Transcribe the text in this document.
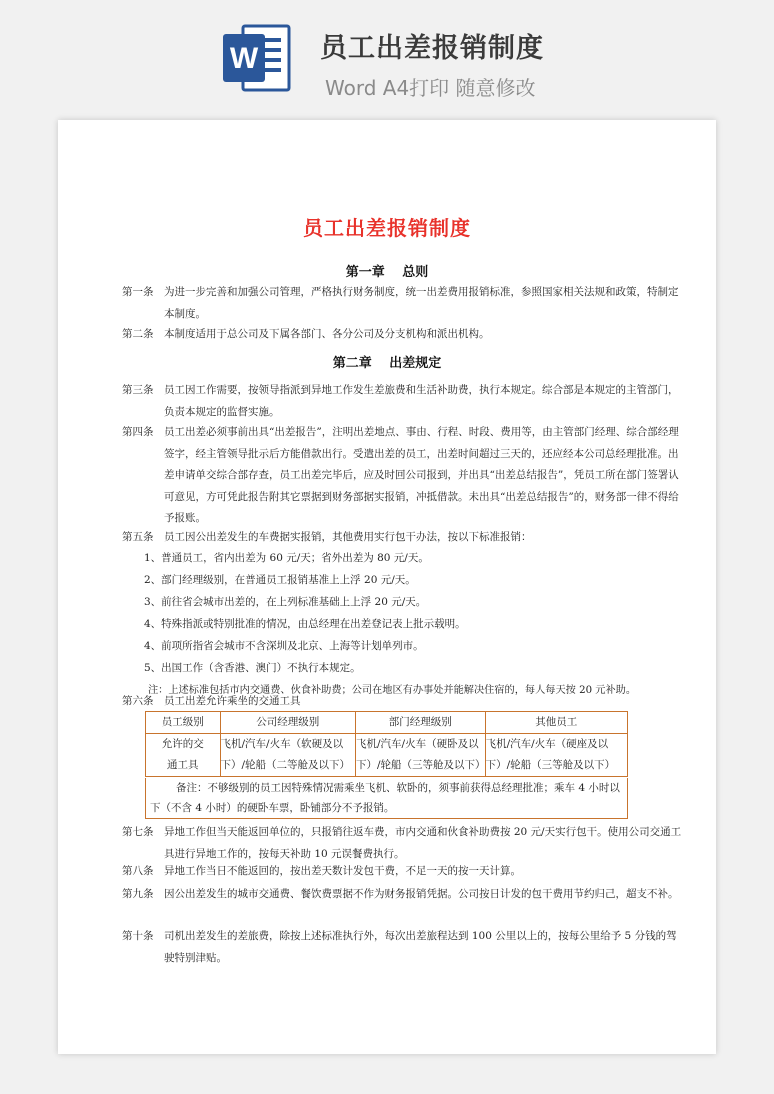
W 员工出差报销制度
Word A4打印 随意修改
员工出差报销制度
第一章　 总则
第一条 为进一步完善和加强公司管理，严格执行财务制度，统一出差费用报销标准，参照国家相关法规和政策，特制定本制度。
第二条 本制度适用于总公司及下属各部门、各分公司及分支机构和派出机构。
第二章　 出差规定
第三条 员工因工作需要，按领导指派到异地工作发生差旅费和生活补助费，执行本规定。综合部是本规定的主管部门，负责本规定的监督实施。
第四条 员工出差必须事前出具“出差报告”，注明出差地点、事由、行程、时段、费用等，由主管部门经理、综合部经理签字，经主管领导批示后方能借款出行。受遣出差的员工，出差时间超过三天的，还应经本公司总经理批准。出差申请单交综合部存查，员工出差完毕后，应及时回公司报到，并出具“出差总结报告”，凭员工所在部门签署认可意见，方可凭此报告附其它票据到财务部据实报销，冲抵借款。未出具“出差总结报告”的，财务部一律不得给予报账。
第五条 员工因公出差发生的车费据实报销，其他费用实行包干办法，按以下标准报销：
1、普通员工，省内出差为 60 元/天；省外出差为 80 元/天。
2、部门经理级别，在普通员工报销基准上上浮 20 元/天。
3、前往省会城市出差的，在上列标准基础上上浮 20 元/天。
4、特殊指派或特别批准的情况，由总经理在出差登记表上批示载明。
4、前项所指省会城市不含深圳及北京、上海等计划单列市。
5、出国工作（含香港、澳门）不执行本规定。
注：上述标准包括市内交通费、伙食补助费；公司在地区有办事处并能解决住宿的，每人每天按 20 元补助。
第六条 员工出差允许乘坐的交通工具
员工级别	公司经理级别	部门经理级别	其他员工
允许的交通工具	飞机/汽车/火车（软硬及以下）/轮船（二等舱及以下）	飞机/汽车/火车（硬卧及以下）/轮船（三等舱及以下）	飞机/汽车/火车（硬座及以下）/轮船（三等舱及以下）
备注：不够级别的员工因特殊情况需乘坐飞机、软卧的，须事前获得总经理批准；乘车 4 小时以下（不含 4 小时）的硬卧车票，卧铺部分不予报销。
第七条 异地工作但当天能返回单位的，只报销往返车费，市内交通和伙食补助费按 20 元/天实行包干。使用公司交通工具进行异地工作的，按每天补助 10 元误餐费执行。
第八条 异地工作当日不能返回的，按出差天数计发包干费，不足一天的按一天计算。
第九条 因公出差发生的城市交通费、餐饮费票据不作为财务报销凭据。公司按日计发的包干费用节约归己，超支不补。
第十条 司机出差发生的差旅费，除按上述标准执行外，每次出差旅程达到 100 公里以上的，按每公里给予 5 分钱的驾驶特别津贴。
